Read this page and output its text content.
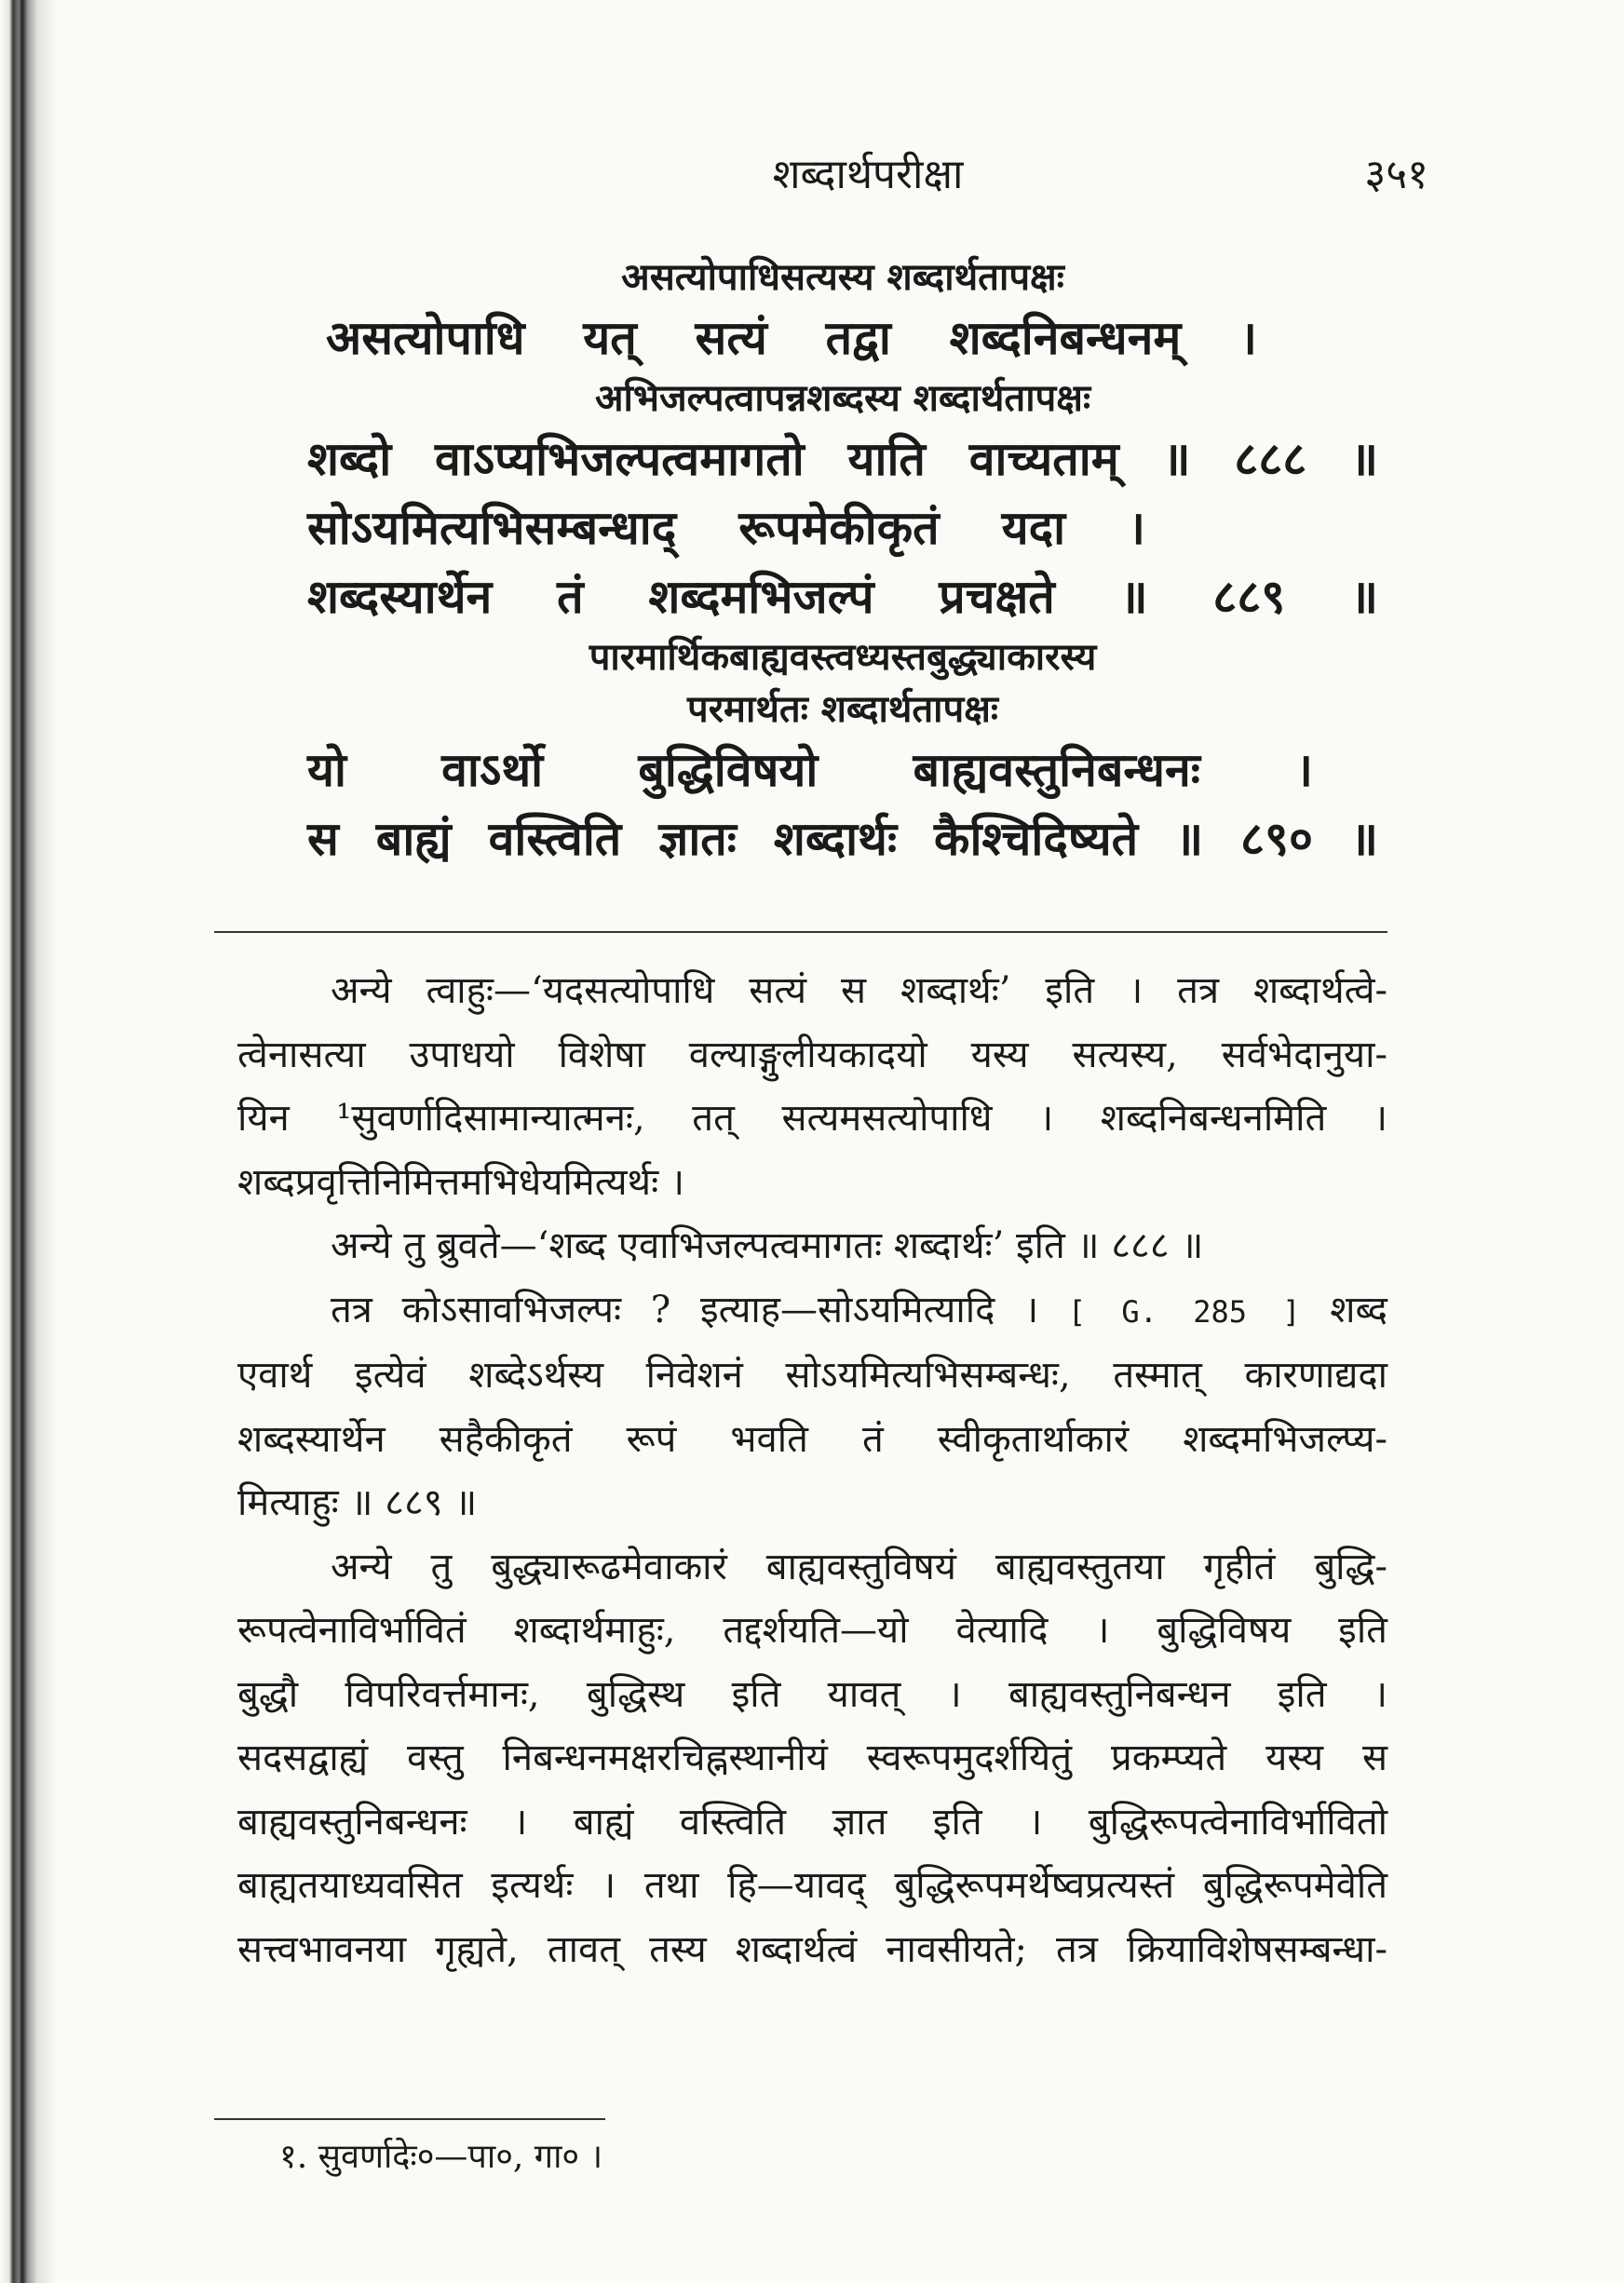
शब्दार्थपरीक्षा	३५१

असत्योपाधिसत्यस्य शब्दार्थतापक्षः

असत्योपाधि यत् सत्यं तद्वा शब्दनिबन्धनम् ।

अभिजल्पत्वापन्नशब्दस्य शब्दार्थतापक्षः

शब्दो वाऽप्यभिजल्पत्वमागतो याति वाच्यताम् ॥ ८८८ ॥

सोऽयमित्यभिसम्बन्धाद् रूपमेकीकृतं यदा ।

शब्दस्यार्थेन तं शब्दमभिजल्पं प्रचक्षते ॥ ८८९ ॥

पारमार्थिकबाह्यवस्त्वध्यस्तबुद्ध्याकारस्य

परमार्थतः शब्दार्थतापक्षः

यो वाऽर्थो बुद्धिविषयो बाह्यवस्तुनिबन्धनः ।

स बाह्यं वस्त्विति ज्ञातः शब्दार्थः कैश्चिदिष्यते ॥ ८९० ॥

अन्ये त्वाहुः—‘यदसत्योपाधि सत्यं स शब्दार्थः’ इति । तत्र शब्दार्थत्वे-

त्वेनासत्या उपाधयो विशेषा वल्याङ्गुलीयकादयो यस्य सत्यस्य, सर्वभेदानुया-

यिन ¹सुवर्णादिसामान्यात्मनः, तत् सत्यमसत्योपाधि । शब्दनिबन्धनमिति ।

शब्दप्रवृत्तिनिमित्तमभिधेयमित्यर्थः ।

अन्ये तु ब्रुवते—‘शब्द एवाभिजल्पत्वमागतः शब्दार्थः’ इति ॥ ८८८ ॥

तत्र कोऽसावभिजल्पः ? इत्याह—सोऽयमित्यादि । [ G. 285 ] शब्द

एवार्थ इत्येवं शब्देऽर्थस्य निवेशनं सोऽयमित्यभिसम्बन्धः, तस्मात् कारणाद्यदा

शब्दस्यार्थेन सहैकीकृतं रूपं भवति तं स्वीकृतार्थाकारं शब्दमभिजल्प्य-

मित्याहुः ॥ ८८९ ॥

अन्ये तु बुद्ध्यारूढमेवाकारं बाह्यवस्तुविषयं बाह्यवस्तुतया गृहीतं बुद्धि-

रूपत्वेनाविर्भावितं शब्दार्थमाहुः, तद्दर्शयति—यो वेत्यादि । बुद्धिविषय इति

बुद्धौ विपरिवर्त्तमानः, बुद्धिस्थ इति यावत् । बाह्यवस्तुनिबन्धन इति ।

सदसद्वाह्यं वस्तु निबन्धनमक्षरचिह्नस्थानीयं स्वरूपमुदर्शयितुं प्रकम्प्यते यस्य स

बाह्यवस्तुनिबन्धनः । बाह्यं वस्त्विति ज्ञात इति । बुद्धिरूपत्वेनाविर्भावितो

बाह्यतयाध्यवसित इत्यर्थः । तथा हि—यावद् बुद्धिरूपमर्थेष्वप्रत्यस्तं बुद्धिरूपमेवेति

सत्त्वभावनया गृह्यते, तावत् तस्य शब्दार्थत्वं नावसीयते; तत्र क्रियाविशेषसम्बन्धा-

१. सुवर्णादेः०—पा०, गा० ।
